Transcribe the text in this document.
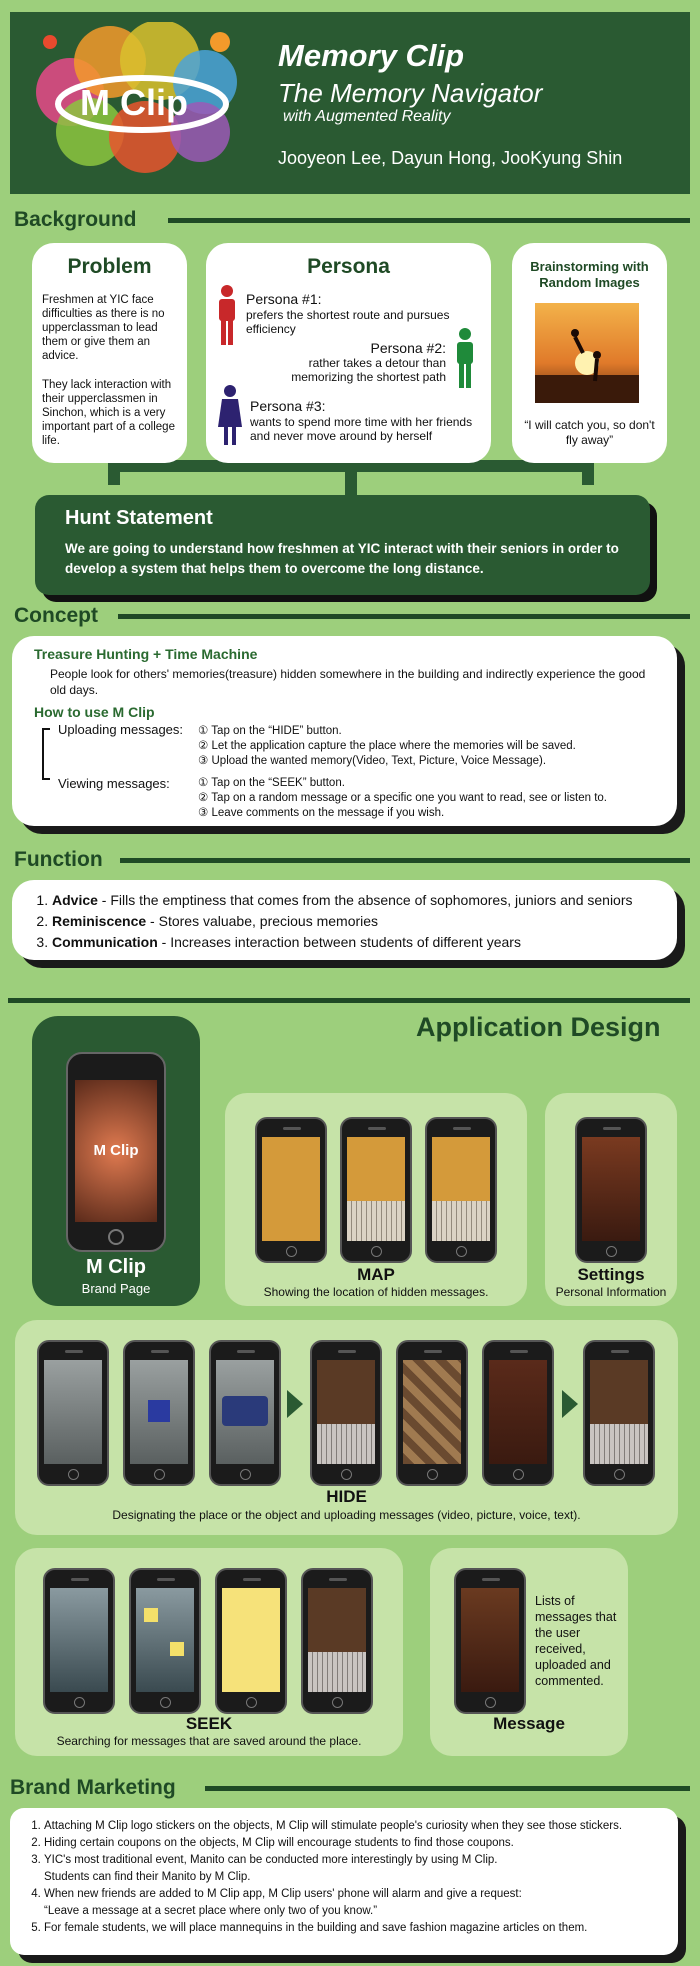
M Clip
Memory Clip
The Memory Navigator
with Augmented Reality
Jooyeon Lee, Dayun Hong, JooKyung Shin
Background
Problem

Freshmen at YIC face difficulties as there is no upperclassman to lead them or give them an advice.

They lack interaction with their upperclassmen in Sinchon, which is a very important part of a college life.

Persona
Persona #1:
prefers the shortest route and pursues efficiency
Persona #2:
rather takes a detour than memorizing the shortest path
Persona #3:
wants to spend more time with her friends and never move around by herself
Brainstorming with Random Images
“I will catch you, so don't fly away”
Hunt Statement

We are going to understand how freshmen at YIC interact with their seniors in order to develop a system that helps them to overcome the long distance.

Concept
Treasure Hunting + Time Machine
People look for others' memories(treasure) hidden somewhere in the building and indirectly experience the good old days.
How to use M Clip
Uploading messages: ① Tap on the “HIDE” button.
② Let the application capture the place where the memories will be saved.
③ Upload the wanted memory(Video, Text, Picture, Voice Message).
Viewing messages: ① Tap on the “SEEK” button.
② Tap on a random message or a specific one you want to read, see or listen to.
③ Leave comments on the message if you wish.
Function
1. Advice - Fills the emptiness that comes from the absence of sophomores, juniors and seniors
2. Reminiscence - Stores valuabe, precious memories
3. Communication - Increases interaction between students of different years
Application Design
M Clip
M Clip
Brand Page
MAP
Showing the location of hidden messages.
Settings
Personal Information
HIDE
Designating the place or the object and uploading messages (video, picture, voice, text).
SEEK
Searching for messages that are saved around the place.
Lists of messages that the user received, uploaded and commented.
Message
Brand Marketing
1. Attaching M Clip logo stickers on the objects, M Clip will stimulate people's curiosity when they see those stickers.
2. Hiding certain coupons on the objects, M Clip will encourage students to find those coupons.
3. YIC's most traditional event, Manito can be conducted more interestingly by using M Clip.
Students can find their Manito by M Clip.
4. When new friends are added to M Clip app, M Clip users' phone will alarm and give a request:
“Leave a message at a secret place where only two of you know.”
5. For female students, we will place mannequins in the building and save fashion magazine articles on them.
